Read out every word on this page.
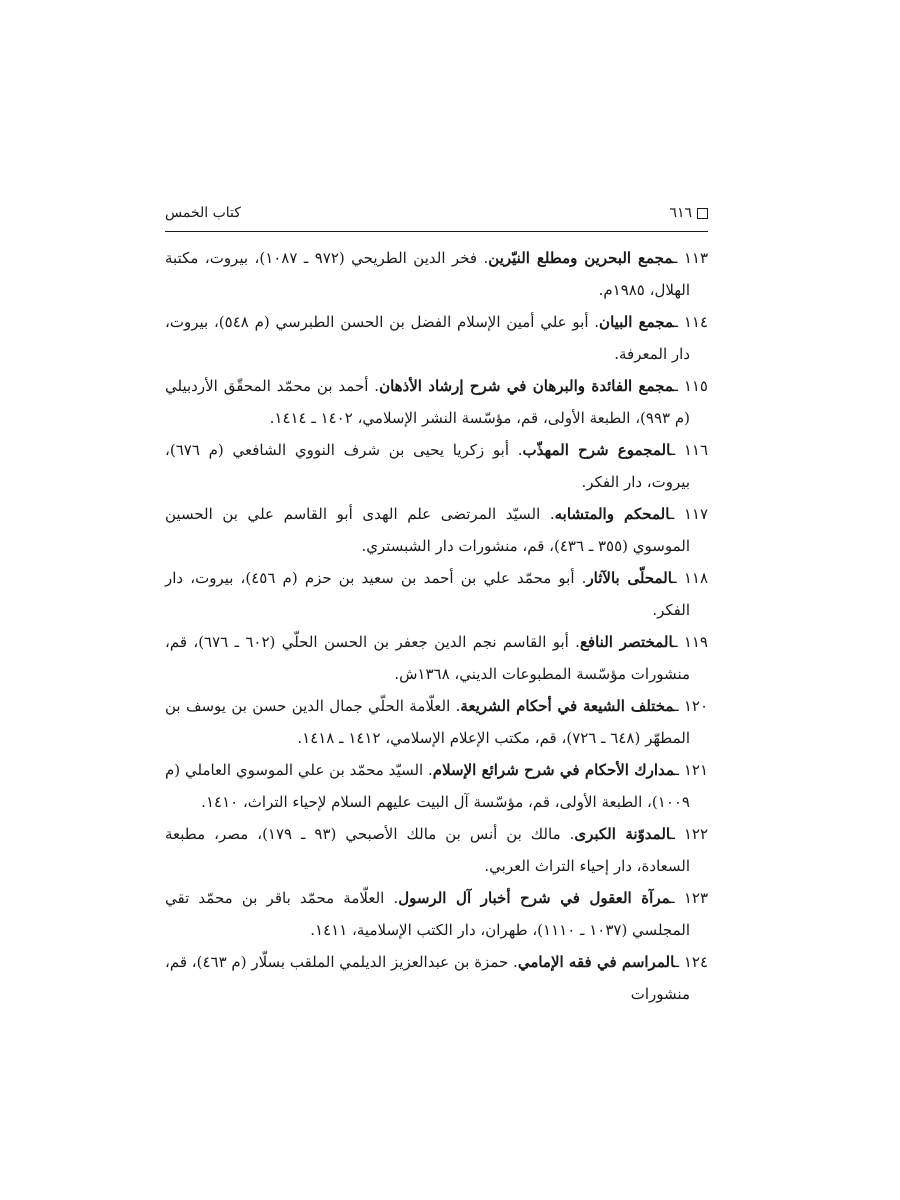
٦١٦
كتاب الخمس

١١٣ ـمجمع البحرين ومطلع النيّرين. فخر الدين الطريحي (٩٧٢ ـ ١٠٨٧)، بيروت، مكتبة الهلال، ١٩٨٥م.

١١٤ ـمجمع البيان. أبو علي أمين الإسلام الفضل بن الحسن الطبرسي (م ٥٤٨)، بيروت، دار المعرفة.

١١٥ ـمجمع الفائدة والبرهان في شرح إرشاد الأذهان. أحمد بن محمّد المحقّق الأردبيلي (م ٩٩٣)، الطبعة الأولى، قم، مؤسّسة النشر الإسلامي، ١٤٠٢ ـ ١٤١٤.

١١٦ ـالمجموع شرح المهذّب. أبو زكريا يحيى بن شرف النووي الشافعي (م ٦٧٦)، بيروت، دار الفكر.

١١٧ ـالمحكم والمتشابه. السيّد المرتضى علم الهدى أبو القاسم علي بن الحسين الموسوي (٣٥٥ ـ ٤٣٦)، قم، منشورات دار الشبستري.

١١٨ ـالمحلّى بالآثار. أبو محمّد علي بن أحمد بن سعيد بن حزم (م ٤٥٦)، بيروت، دار الفكر.

١١٩ ـالمختصر النافع. أبو القاسم نجم الدين جعفر بن الحسن الحلّي (٦٠٢ ـ ٦٧٦)، قم، منشورات مؤسّسة المطبوعات الديني، ١٣٦٨ش.

١٢٠ ـمختلف الشيعة في أحكام الشريعة. العلّامة الحلّي جمال الدين حسن بن يوسف بن المطهّر (٦٤٨ ـ ٧٢٦)، قم، مكتب الإعلام الإسلامي، ١٤١٢ ـ ١٤١٨.

١٢١ ـمدارك الأحكام في شرح شرائع الإسلام. السيّد محمّد بن علي الموسوي العاملي (م ١٠٠٩)، الطبعة الأولى، قم، مؤسّسة آل البيت عليهم السلام لإحياء التراث، ١٤١٠.

١٢٢ ـالمدوّنة الكبرى. مالك بن أنس بن مالك الأصبحي (٩٣ ـ ١٧٩)، مصر، مطبعة السعادة، دار إحياء التراث العربي.

١٢٣ ـمرآة العقول في شرح أخبار آل الرسول. العلّامة محمّد باقر بن محمّد تقي المجلسي (١٠٣٧ ـ ١١١٠)، طهران، دار الكتب الإسلامية، ١٤١١.

١٢٤ ـالمراسم في فقه الإمامي. حمزة بن عبدالعزيز الديلمي الملقب بسلّار (م ٤٦٣)، قم، منشورات
